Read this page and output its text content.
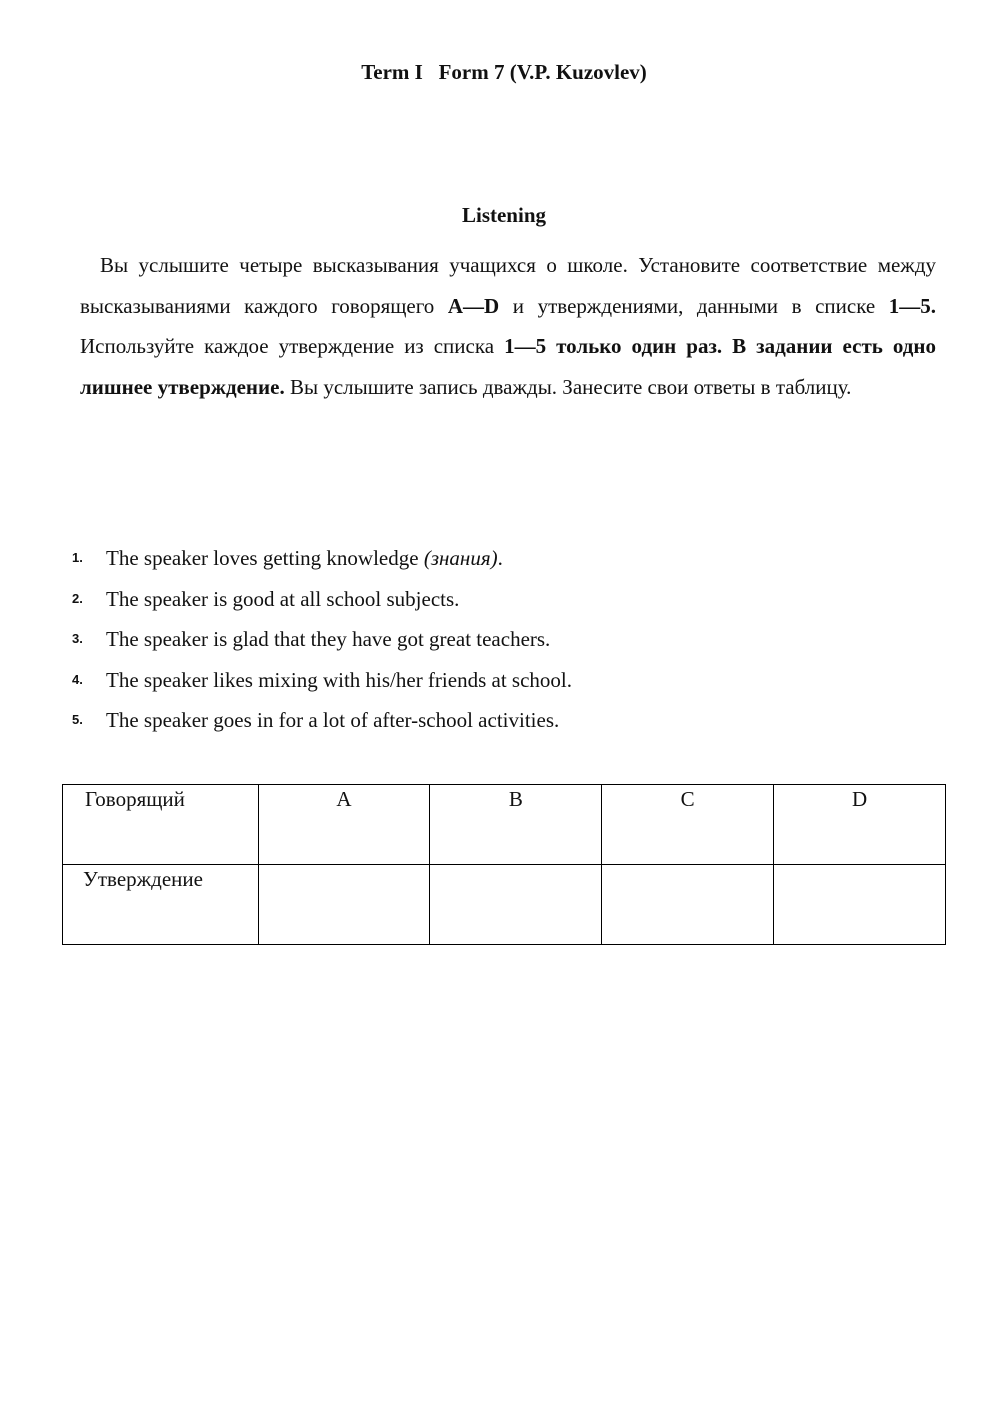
Term I   Form 7 (V.P. Kuzovlev)
Listening

Вы услышите четыре высказывания учащихся о школе. Установите соответствие между высказываниями каждого говорящего A—D и утверждениями, данными в списке 1—5. Используйте каждое утверждение из списка 1—5 только один раз. В задании есть одно лишнее утверждение. Вы услышите запись дважды. Занесите свои ответы в таблицу.

1. The speaker loves getting knowledge (знания).
2. The speaker is good at all school subjects.
3. The speaker is glad that they have got great teachers.
4. The speaker likes mixing with his/her friends at school.
5. The speaker goes in for a lot of after-school activities.
Говорящий	A	B	C	D
Утверждение				
